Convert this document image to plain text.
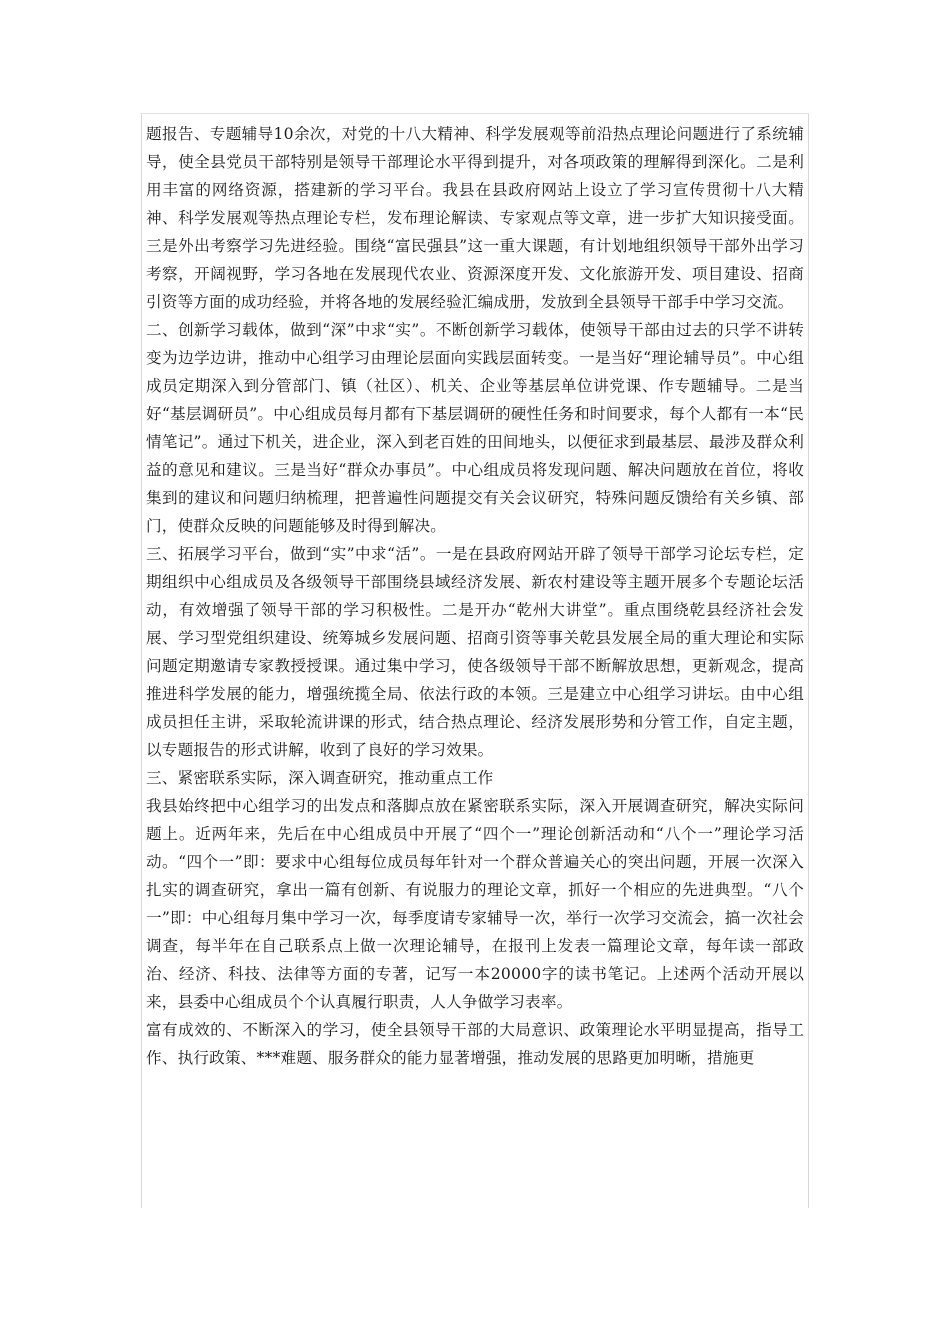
题报告、专题辅导10余次，对党的十八大精神、科学发展观等前沿热点理论问题进行了系统辅导，使全县党员干部特别是领导干部理论水平得到提升，对各项政策的理解得到深化。二是利用丰富的网络资源，搭建新的学习平台。我县在县政府网站上设立了学习宣传贯彻十八大精神、科学发展观等热点理论专栏，发布理论解读、专家观点等文章，进一步扩大知识接受面。三是外出考察学习先进经验。围绕“富民强县”这一重大课题，有计划地组织领导干部外出学习考察，开阔视野，学习各地在发展现代农业、资源深度开发、文化旅游开发、项目建设、招商引资等方面的成功经验，并将各地的发展经验汇编成册，发放到全县领导干部手中学习交流。

二、创新学习载体，做到“深”中求“实”。不断创新学习载体，使领导干部由过去的只学不讲转变为边学边讲，推动中心组学习由理论层面向实践层面转变。一是当好“理论辅导员”。中心组成员定期深入到分管部门、镇（社区）、机关、企业等基层单位讲党课、作专题辅导。二是当好“基层调研员”。中心组成员每月都有下基层调研的硬性任务和时间要求，每个人都有一本“民情笔记”。通过下机关，进企业，深入到老百姓的田间地头，以便征求到最基层、最涉及群众利益的意见和建议。三是当好“群众办事员”。中心组成员将发现问题、解决问题放在首位，将收集到的建议和问题归纳梳理，把普遍性问题提交有关会议研究，特殊问题反馈给有关乡镇、部门，使群众反映的问题能够及时得到解决。

三、拓展学习平台，做到“实”中求“活”。一是在县政府网站开辟了领导干部学习论坛专栏，定期组织中心组成员及各级领导干部围绕县域经济发展、新农村建设等主题开展多个专题论坛活动，有效增强了领导干部的学习积极性。二是开办“乾州大讲堂”。重点围绕乾县经济社会发展、学习型党组织建设、统筹城乡发展问题、招商引资等事关乾县发展全局的重大理论和实际问题定期邀请专家教授授课。通过集中学习，使各级领导干部不断解放思想，更新观念，提高推进科学发展的能力，增强统揽全局、依法行政的本领。三是建立中心组学习讲坛。由中心组成员担任主讲，采取轮流讲课的形式，结合热点理论、经济发展形势和分管工作，自定主题，以专题报告的形式讲解，收到了良好的学习效果。

三、紧密联系实际，深入调查研究，推动重点工作

我县始终把中心组学习的出发点和落脚点放在紧密联系实际，深入开展调查研究，解决实际问题上。近两年来，先后在中心组成员中开展了“四个一”理论创新活动和“八个一”理论学习活动。“四个一”即：要求中心组每位成员每年针对一个群众普遍关心的突出问题，开展一次深入扎实的调查研究，拿出一篇有创新、有说服力的理论文章，抓好一个相应的先进典型。“八个一”即：中心组每月集中学习一次，每季度请专家辅导一次，举行一次学习交流会，搞一次社会调查，每半年在自己联系点上做一次理论辅导，在报刊上发表一篇理论文章，每年读一部政治、经济、科技、法律等方面的专著，记写一本20000字的读书笔记。上述两个活动开展以来，县委中心组成员个个认真履行职责，人人争做学习表率。

富有成效的、不断深入的学习，使全县领导干部的大局意识、政策理论水平明显提高，指导工作、执行政策、***难题、服务群众的能力显著增强，推动发展的思路更加明晰，措施更
